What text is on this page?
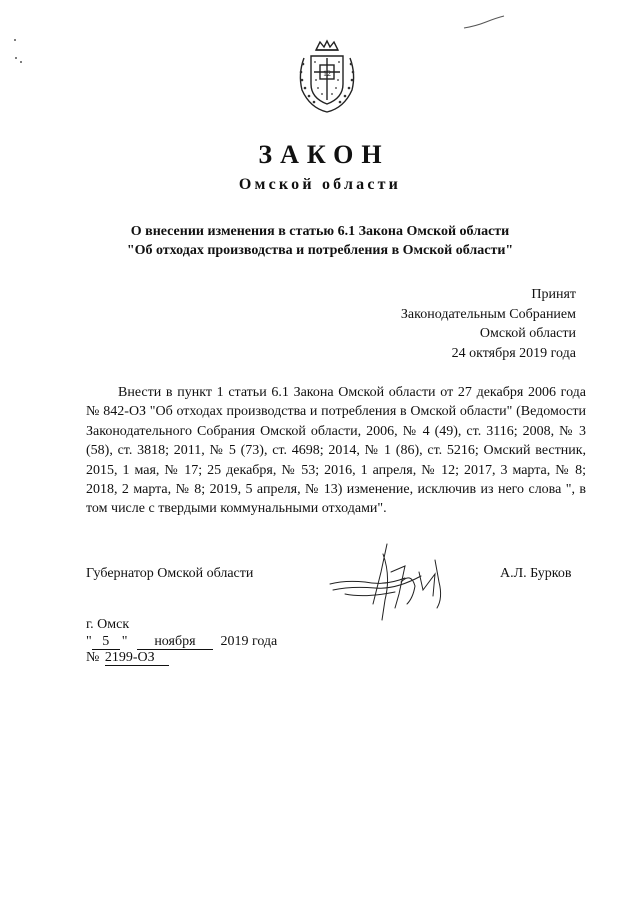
12
ЗАКОН
Омской области
О внесении изменения в статью 6.1 Закона Омской области
"Об отходах производства и потребления в Омской области"
Принят
Законодательным Собранием
Омской области
24 октября 2019 года
Внести в пункт 1 статьи 6.1 Закона Омской области от 27 декабря 2006 года № 842-ОЗ "Об отходах производства и потребления в Омской области" (Ведомости Законодательного Собрания Омской области, 2006, № 4 (49), ст. 3116; 2008, № 3 (58), ст. 3818; 2011, № 5 (73), ст. 4698; 2014, № 1 (86), ст. 5216; Омский вестник, 2015, 1 мая, № 17; 25 декабря, № 53; 2016, 1 апреля, № 12; 2017, 3 марта, № 8; 2018, 2 марта, № 8; 2019, 5 апреля, № 13) изменение, исключив из него слова ", в том числе с твердыми коммунальными отходами".
Губернатор Омской области	А.Л. Бурков
г. Омск
" 5 " ноября 2019 года
№ 2199-ОЗ
